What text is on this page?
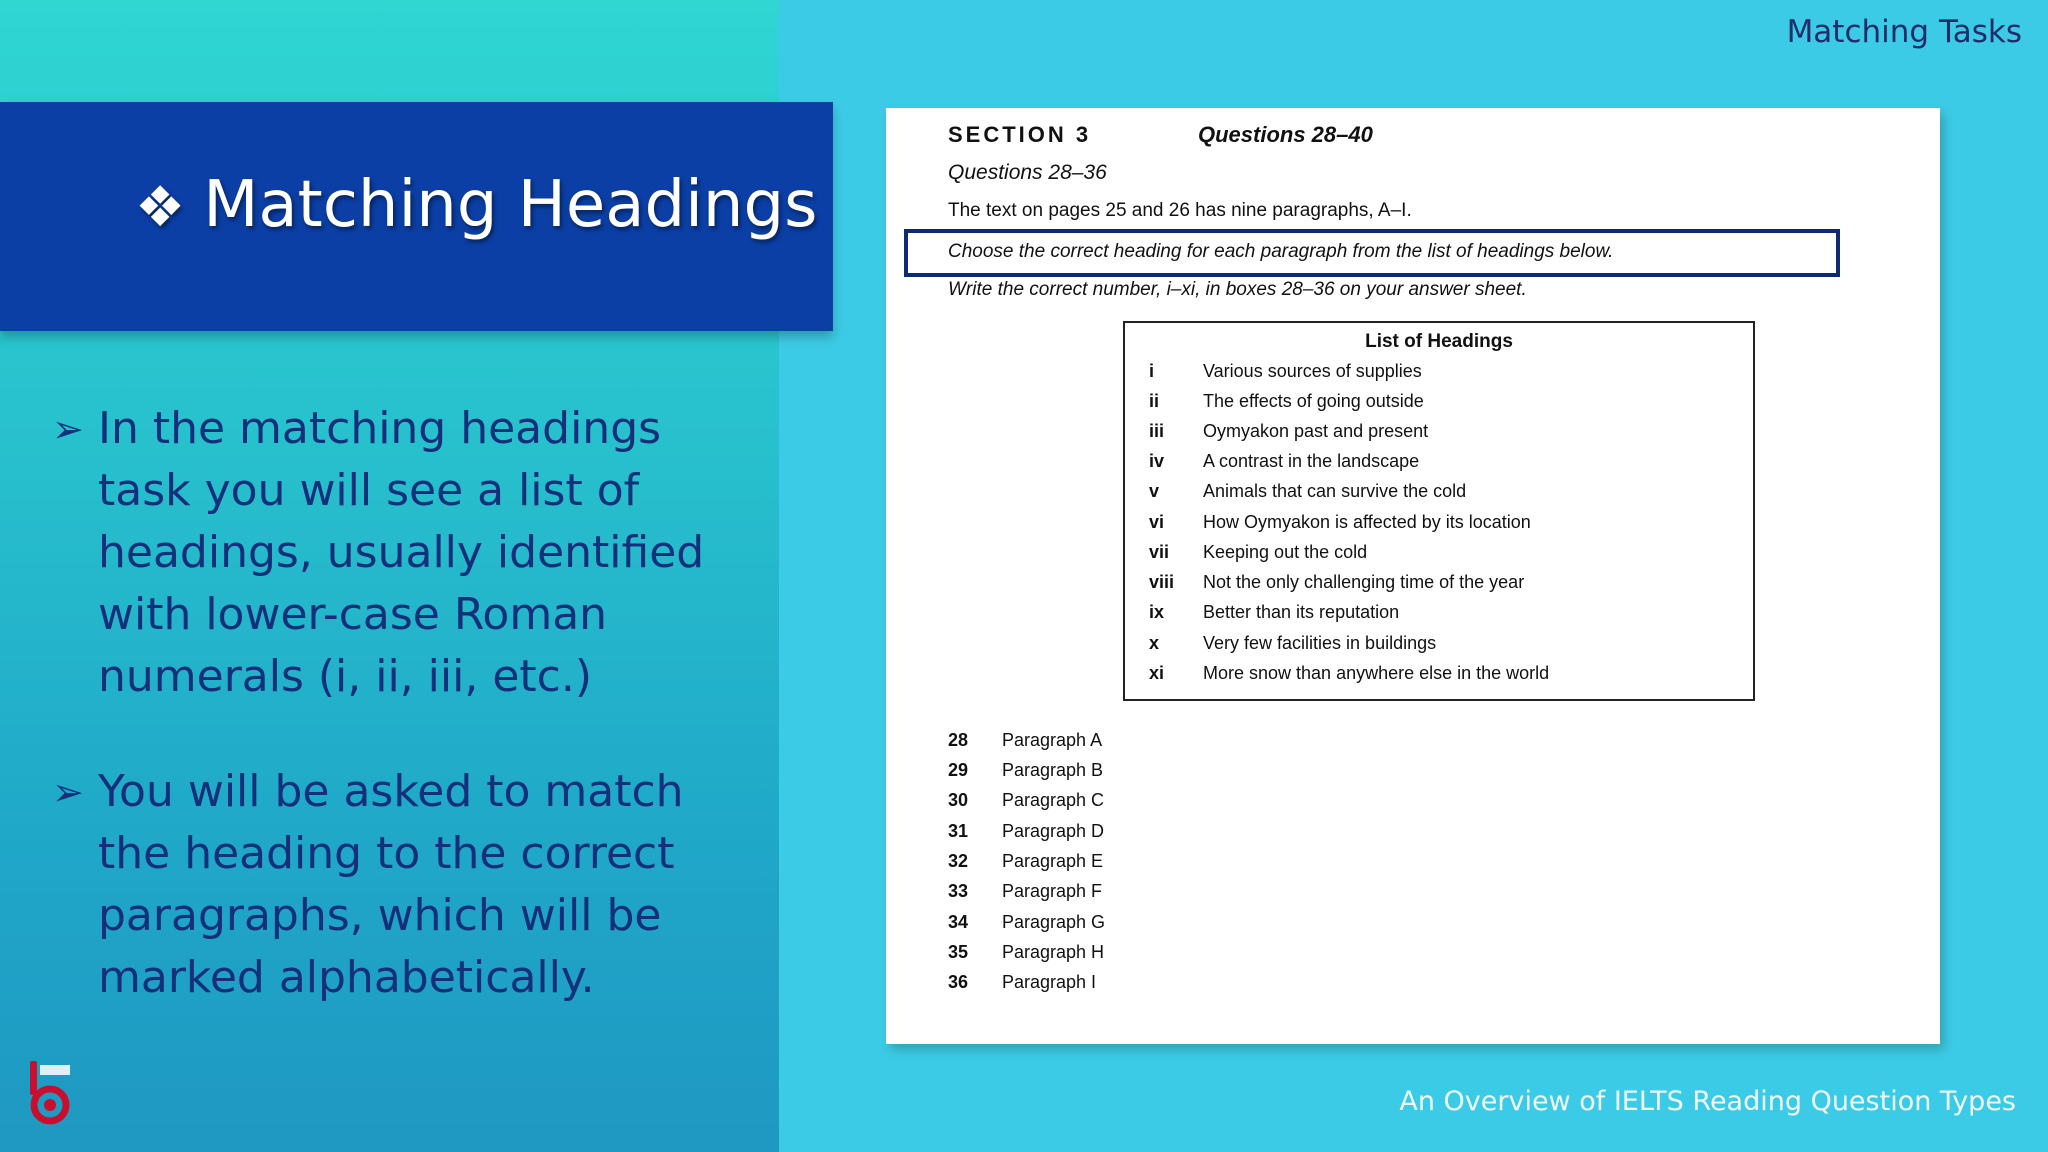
Matching Tasks
❖ Matching Headings
➢ In the matching headings task you will see a list of headings, usually identified with lower-case Roman numerals (i, ii, iii, etc.)
➢ You will be asked to match the heading to the correct paragraphs, which will be marked alphabetically.
SECTION 3	Questions 28–40
Questions 28–36
The text on pages 25 and 26 has nine paragraphs, A–I.
Choose the correct heading for each paragraph from the list of headings below.
Write the correct number, i–xi, in boxes 28–36 on your answer sheet.
List of Headings
i	Various sources of supplies
ii The effects of going outside
iii Oymyakon past and present
iv A contrast in the landscape
v Animals that can survive the cold
vi How Oymyakon is affected by its location
vii Keeping out the cold
viii Not the only challenging time of the year
ix Better than its reputation
x Very few facilities in buildings
xi More snow than anywhere else in the world
28 Paragraph A
29 Paragraph B
30 Paragraph C
31 Paragraph D
32 Paragraph E
33 Paragraph F
34 Paragraph G
35 Paragraph H
36 Paragraph I
An Overview of IELTS Reading Question Types
